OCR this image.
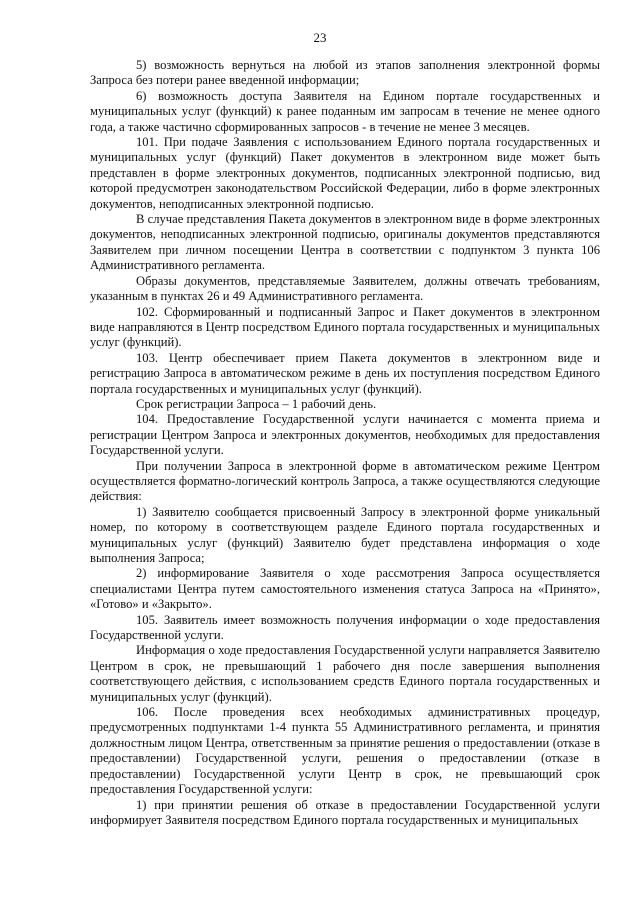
23

5) возможность вернуться на любой из этапов заполнения электронной формы Запроса без потери ранее введенной информации;

6) возможность доступа Заявителя на Едином портале государственных и муниципальных услуг (функций) к ранее поданным им запросам в течение не менее одного года, а также частично сформированных запросов - в течение не менее 3 месяцев.

101. При подаче Заявления с использованием Единого портала государственных и муниципальных услуг (функций) Пакет документов в электронном виде может быть представлен в форме электронных документов, подписанных электронной подписью, вид которой предусмотрен законодательством Российской Федерации, либо в форме электронных документов, неподписанных электронной подписью.

В случае представления Пакета документов в электронном виде в форме электронных документов, неподписанных электронной подписью, оригиналы документов представляются Заявителем при личном посещении Центра в соответствии с подпунктом 3 пункта 106 Административного регламента.

Образы документов, представляемые Заявителем, должны отвечать требованиям, указанным в пунктах 26 и 49 Административного регламента.

102. Сформированный и подписанный Запрос и Пакет документов в электронном виде направляются в Центр посредством Единого портала государственных и муниципальных услуг (функций).

103. Центр обеспечивает прием Пакета документов в электронном виде и регистрацию Запроса в автоматическом режиме в день их поступления посредством Единого портала государственных и муниципальных услуг (функций).

Срок регистрации Запроса – 1 рабочий день.

104. Предоставление Государственной услуги начинается с момента приема и регистрации Центром Запроса и электронных документов, необходимых для предоставления Государственной услуги.

При получении Запроса в электронной форме в автоматическом режиме Центром осуществляется форматно-логический контроль Запроса, а также осуществляются следующие действия:

1) Заявителю сообщается присвоенный Запросу в электронной форме уникальный номер, по которому в соответствующем разделе Единого портала государственных и муниципальных услуг (функций) Заявителю будет представлена информация о ходе выполнения Запроса;

2) информирование Заявителя о ходе рассмотрения Запроса осуществляется специалистами Центра путем самостоятельного изменения статуса Запроса на «Принято», «Готово» и «Закрыто».

105. Заявитель имеет возможность получения информации о ходе предоставления Государственной услуги.

Информация о ходе предоставления Государственной услуги направляется Заявителю Центром в срок, не превышающий 1 рабочего дня после завершения выполнения соответствующего действия, с использованием средств Единого портала государственных и муниципальных услуг (функций).

106. После проведения всех необходимых административных процедур, предусмотренных подпунктами 1-4 пункта 55 Административного регламента, и принятия должностным лицом Центра, ответственным за принятие решения о предоставлении (отказе в предоставлении) Государственной услуги, решения о предоставлении (отказе в предоставлении) Государственной услуги Центр в срок, не превышающий срок предоставления Государственной услуги:

1) при принятии решения об отказе в предоставлении Государственной услуги информирует Заявителя посредством Единого портала государственных и муниципальных
